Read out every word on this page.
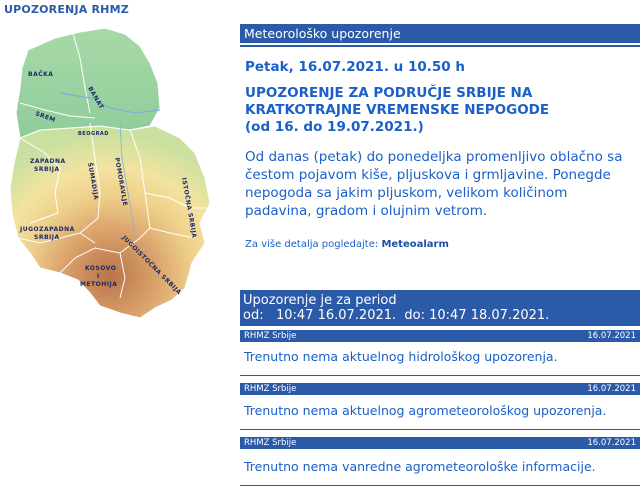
UPOZORENJA RHMZ
BAČKA
BANAT
SREM
BEOGRAD
ZAPADNA
SRBIJA	ŠUMADIJA POMORAVLJE	ISTOČNA SRBIJA
JUGOZAPADNA
SRBIJA	JUGOISTOČNA SRBIJA
KOSOVO
I
METOHIJA
Meteorološko upozorenje
Petak, 16.07.2021. u 10.50 h
UPOZORENJE ZA PODRUČJE SRBIJE NA
KRATKOTRAJNE VREMENSKE NEPOGODE
(od 16. do 19.07.2021.)
Od danas (petak) do ponedeljka promenljivo oblačno sa
čestom pojavom kiše, pljuskova i grmljavine. Ponegde
nepogoda sa jakim pljuskom, velikom količinom
padavina, gradom i olujnim vetrom.
Za više detalja pogledajte: Meteoalarm
Upozorenje je za period
od:   10:47 16.07.2021.  do: 10:47 18.07.2021.
RHMZ Srbije	16.07.2021
Trenutno nema aktuelnog hidrološkog upozorenja.
RHMZ Srbije	16.07.2021
Trenutno nema aktuelnog agrometeorološkog upozorenja.
RHMZ Srbije	16.07.2021
Trenutno nema vanredne agrometeorološke informacije.
